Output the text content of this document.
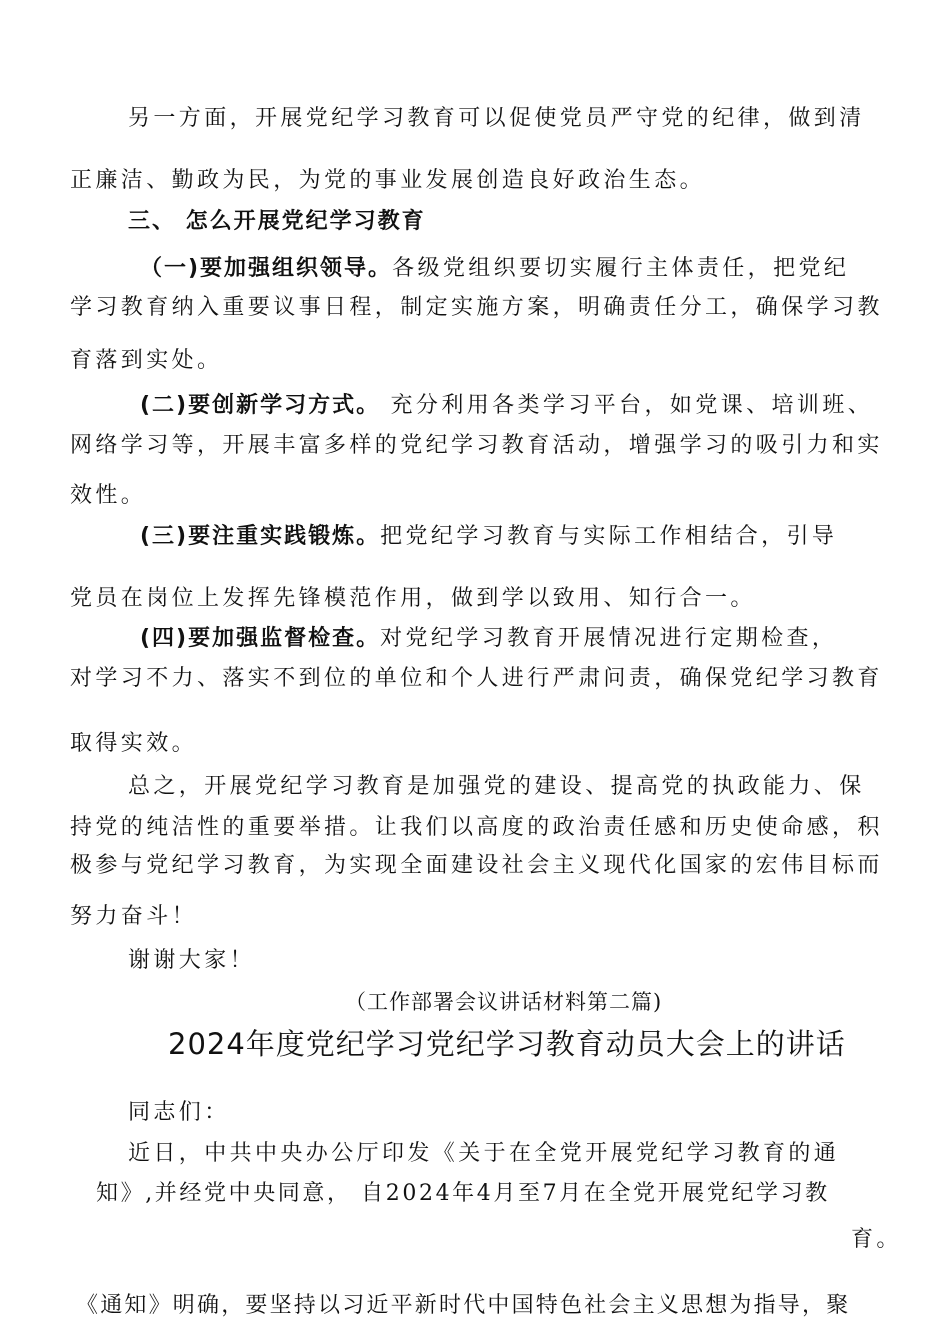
另一方面，开展党纪学习教育可以促使党员严守党的纪律，做到清
正廉洁、勤政为民，为党的事业发展创造良好政治生态。
三、 怎么开展党纪学习教育
（一)要加强组织领导。各级党组织要切实履行主体责任，把党纪
学习教育纳入重要议事日程，制定实施方案，明确责任分工，确保学习教
育落到实处。
(二)要创新学习方式。 充分利用各类学习平台，如党课、培训班、
网络学习等，开展丰富多样的党纪学习教育活动，增强学习的吸引力和实
效性。
(三)要注重实践锻炼。把党纪学习教育与实际工作相结合，引导
党员在岗位上发挥先锋模范作用，做到学以致用、知行合一。
(四)要加强监督检查。对党纪学习教育开展情况进行定期检查，
对学习不力、落实不到位的单位和个人进行严肃问责，确保党纪学习教育
取得实效。
总之，开展党纪学习教育是加强党的建设、提高党的执政能力、保
持党的纯洁性的重要举措。让我们以高度的政治责任感和历史使命感，积
极参与党纪学习教育，为实现全面建设社会主义现代化国家的宏伟目标而
努力奋斗！
谢谢大家！
（工作部署会议讲话材料第二篇)
2024年度党纪学习党纪学习教育动员大会上的讲话
同志们：
近日，中共中央办公厅印发《关于在全党开展党纪学习教育的通
知》,并经党中央同意， 自2024年4月至7月在全党开展党纪学习教
育。
《通知》明确，要坚持以习近平新时代中国特色社会主义思想为指导，聚
